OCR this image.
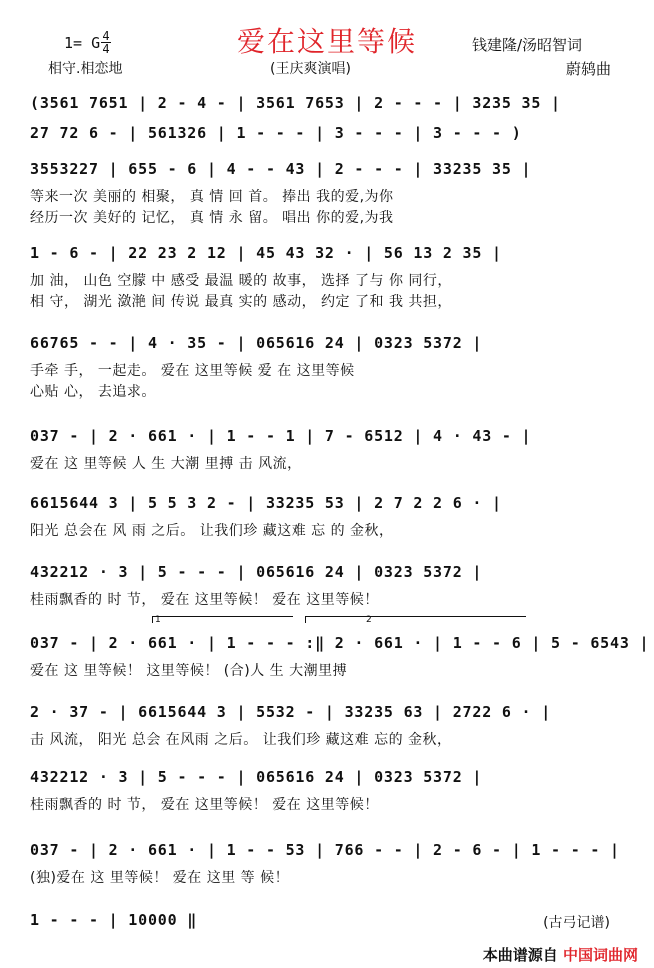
爱在这里等候
1= G 4
4
相守.相恋地	(王庆爽演唱)
钱建隆/汤昭智词
蔚鸫曲
(3561 7651 | 2 - 4 - | 3561 7653 | 2 - - - | 3235 35 |
27 72 6 - | 561326 | 1 - - - | 3 - - - | 3 - - - )
3553227 | 655 - 6 | 4 - - 43 | 2 - - - | 33235 35 |
等来一次 美丽的 相聚， 真 情 回 首。 捧出 我的爱,为你
经历一次 美好的 记忆， 真 情 永 留。 唱出 你的爱,为我
1 - 6 - | 22 23 2 12 | 45 43 32 · | 56 13 2 35 |
加 油， 山色 空朦 中 感受 最温 暖的 故事， 选择 了与 你 同行，
相 守， 湖光 潋滟 间 传说 最真 实的 感动， 约定 了和 我 共担，
66765 - - | 4 · 35 - | 065616 24 | 0323 5372 |
手牵 手， 一起走。 爱在 这里等候 爱 在 这里等候
心贴 心， 去追求。
037 - | 2 · 661 · | 1 - - 1 | 7 - 6512 | 4 · 43 - |
爱在 这 里等候 人 生 大潮 里搏 击 风流，
6615644 3 | 5 5 3 2 - | 33235 53 | 2 7 2 2 6 · |
阳光 总会在 风 雨 之后。 让我们珍 藏这难 忘 的 金秋，
432212 · 3 | 5 - - - | 065616 24 | 0323 5372 |
桂雨飘香的 时 节， 爱在 这里等候！ 爱在 这里等候！
037 - | 2 · 661 · | 1 - - - :‖ 2 · 661 · | 1 - - 6 | 5 - 6543 |
爱在 这 里等候！ 这里等候！ (合)人 生 大潮里搏
2 · 37 - | 6615644 3 | 5532 - | 33235 63 | 2722 6 · |
击 风流， 阳光 总会 在风雨 之后。 让我们珍 藏这难 忘的 金秋，
432212 · 3 | 5 - - - | 065616 24 | 0323 5372 |
桂雨飘香的 时 节， 爱在 这里等候！ 爱在 这里等候！
037 - | 2 · 661 · | 1 - - 53 | 766 - - | 2 - 6 - | 1 - - - |
(独)爱在 这 里等候！ 爱在 这里 等 候！
1 - - - | 10000 ‖
1	2
(古弓记谱)
本曲谱源自 中国词曲网
